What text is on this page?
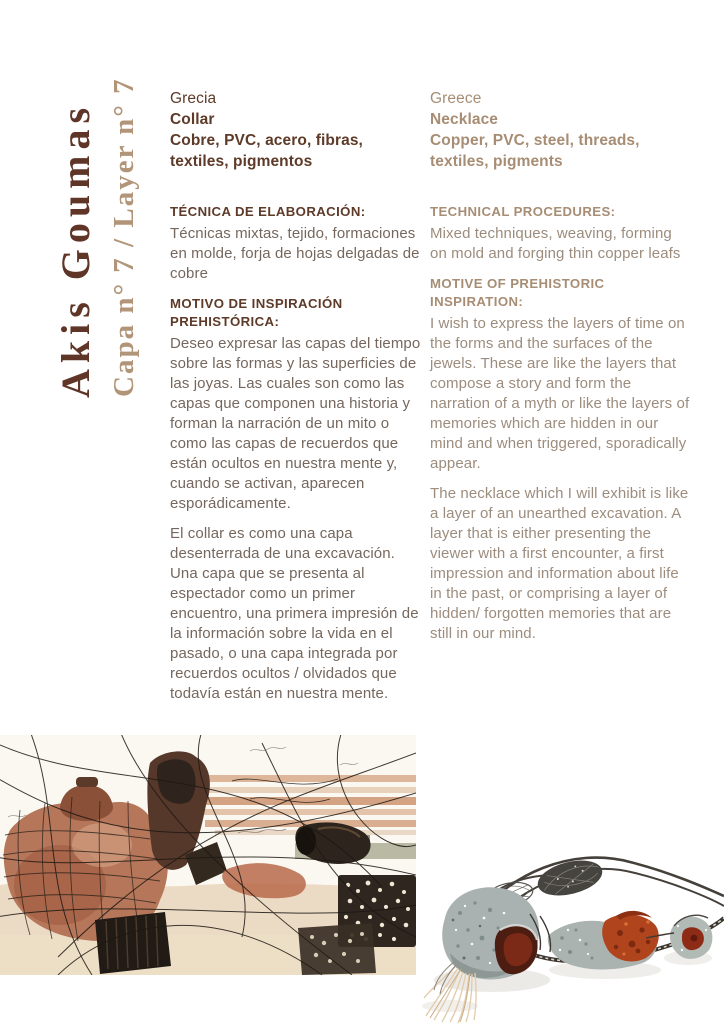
Akis Goumas Capa n° 7 / Layer n° 7	Grecia
Collar
Cobre, PVC, acero, fibras, textiles, pigmentos
TÉCNICA DE ELABORACIÓN:

Técnicas mixtas, tejido, formaciones en molde, forja de hojas delgadas de cobre

MOTIVO DE INSPIRACIÓN PREHISTÓRICA:

Deseo expresar las capas del tiempo sobre las formas y las superficies de las joyas. Las cuales son como las capas que componen una historia y forman la narración de un mito o como las capas de recuerdos que están ocultos en nuestra mente y, cuando se activan, aparecen esporádicamente.

El collar es como una capa desenterrada de una excavación. Una capa que se presenta al espectador como un primer encuentro, una primera impresión de la información sobre la vida en el pasado, o una capa integrada por recuerdos ocultos / olvidados que todavía están en nuestra mente.

Greece
Necklace
Copper, PVC, steel, threads, textiles, pigments
TECHNICAL PROCEDURES:

Mixed techniques, weaving, forming on mold and forging thin copper leafs

MOTIVE OF PREHISTORIC INSPIRATION:

I wish to express the layers of time on the forms and the surfaces of the jewels. These are like the layers that compose a story and form the narration of a myth or like the layers of memories which are hidden in our mind and when triggered, sporadically appear.

The necklace which I will exhibit is like a layer of an unearthed excavation. A layer that is either presenting the viewer with a first encounter, a first impression and information about life in the past, or comprising a layer of hidden/ forgotten memories that are still in our mind.
